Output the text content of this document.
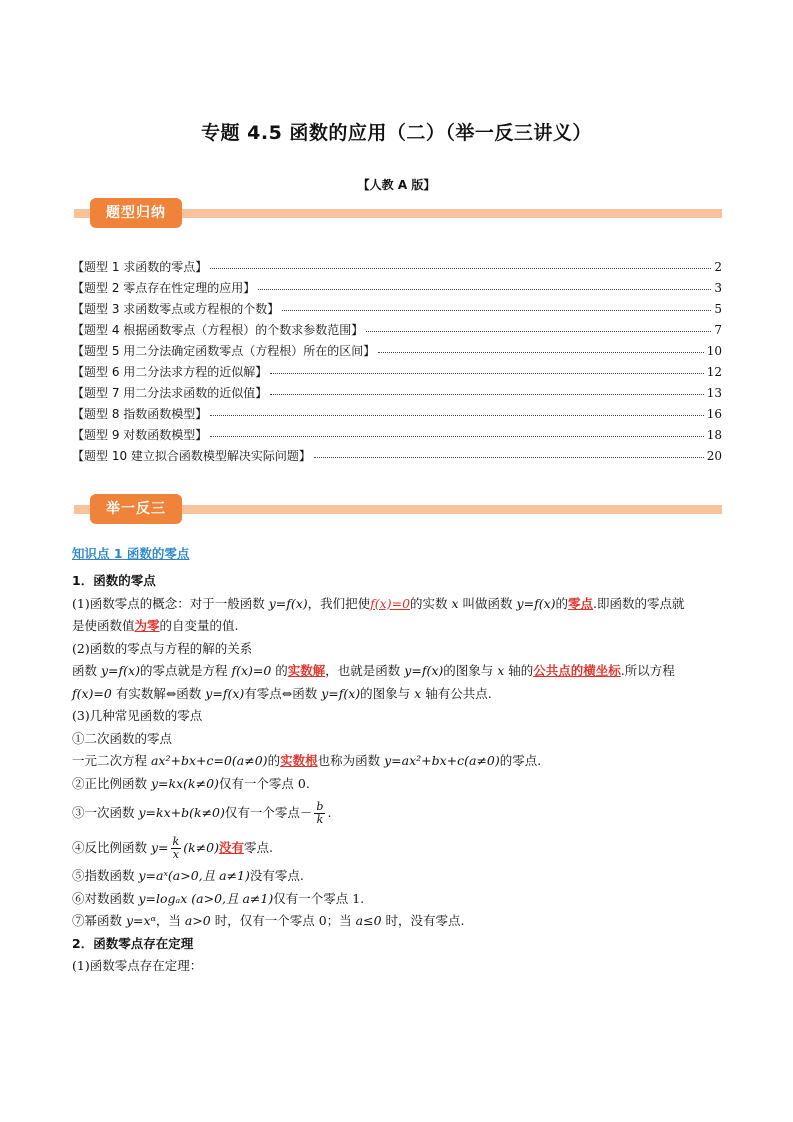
专题 4.5 函数的应用（二）（举一反三讲义）
【人教 A 版】
题型归纳
【题型 1 求函数的零点】	2
【题型 2 零点存在性定理的应用】	3
【题型 3 求函数零点或方程根的个数】	5
【题型 4 根据函数零点（方程根）的个数求参数范围】	7
【题型 5 用二分法确定函数零点（方程根）所在的区间】	10
【题型 6 用二分法求方程的近似解】	12
【题型 7 用二分法求函数的近似值】	13
【题型 8 指数函数模型】	16
【题型 9 对数函数模型】	18
【题型 10 建立拟合函数模型解决实际问题】	20
举一反三
知识点 1 函数的零点
1．函数的零点
(1)函数零点的概念：对于一般函数 y=f(x)，我们把使f(x)=0的实数 x 叫做函数 y=f(x)的零点.即函数的零点就
是使函数值为零的自变量的值.
(2)函数的零点与方程的解的关系
函数 y=f(x)的零点就是方程 f(x)=0 的实数解，也就是函数 y=f(x)的图象与 x 轴的公共点的横坐标.所以方程
f(x)=0 有实数解⇔函数 y=f(x)有零点⇔函数 y=f(x)的图象与 x 轴有公共点.
(3)几种常见函数的零点
①二次函数的零点
一元二次方程 ax²+bx+c=0(a≠0)的实数根也称为函数 y=ax²+bx+c(a≠0)的零点.
②正比例函数 y=kx(k≠0)仅有一个零点 0.
③一次函数 y=kx+b(k≠0)仅有一个零点－ $\frac{b}{k}$ .
④反比例函数 $y= \frac{k}{x} (k\ne 0)$没有零点.
⑤指数函数 y=aˣ(a>0,且 a≠1)没有零点.
⑥对数函数 y=logₐx (a>0,且 a≠1)仅有一个零点 1.
⑦幂函数 y=xᵅ，当 a>0 时，仅有一个零点 0；当 a≤0 时，没有零点.
2．函数零点存在定理
(1)函数零点存在定理：
